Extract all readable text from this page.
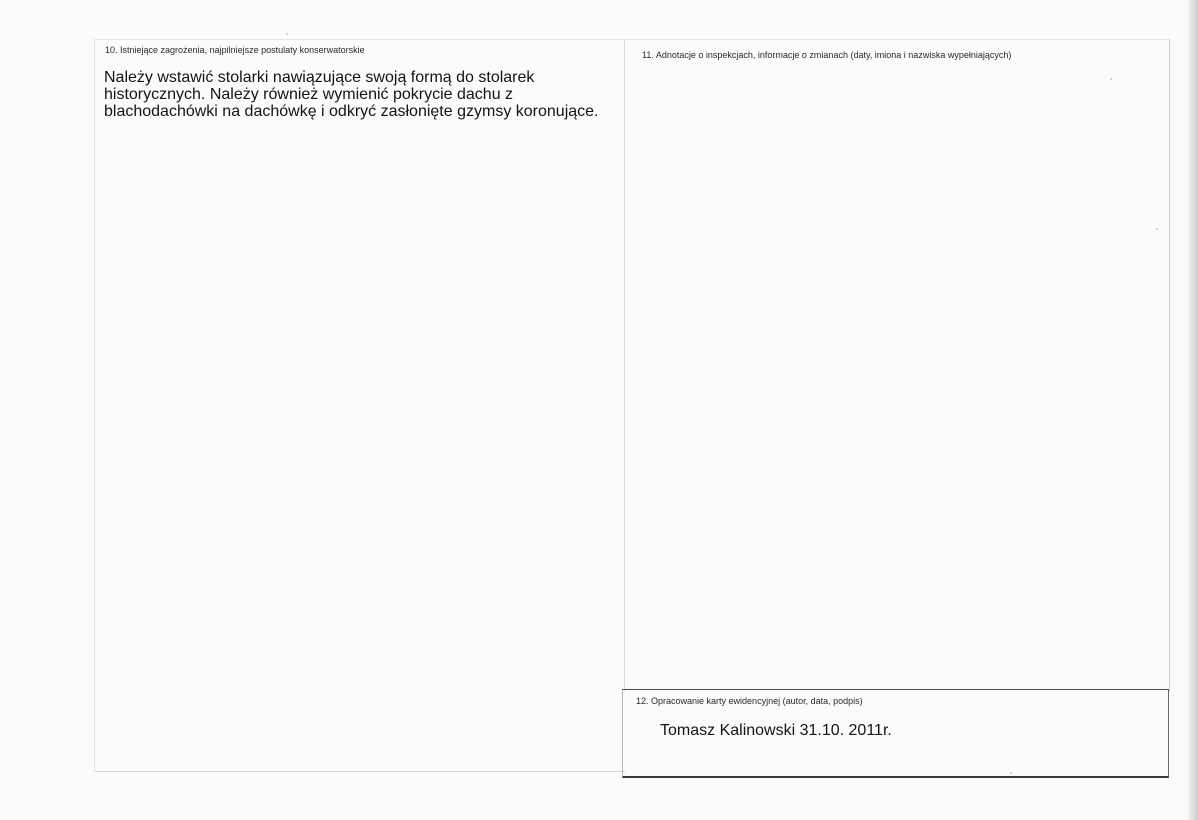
10. Istniejące zagrożenia, najpilniejsze postulaty konserwatorskie
Należy wstawić stolarki nawiązujące swoją formą do stolarek
historycznych. Należy również wymienić pokrycie dachu z
blachodachówki na dachówkę i odkryć zasłonięte gzymsy koronujące.
11. Adnotacje o inspekcjach, informacje o zmianach (daty, imiona i nazwiska wypełniających)
12. Opracowanie karty ewidencyjnej (autor, data, podpis)
Tomasz Kalinowski 31.10. 2011r.
